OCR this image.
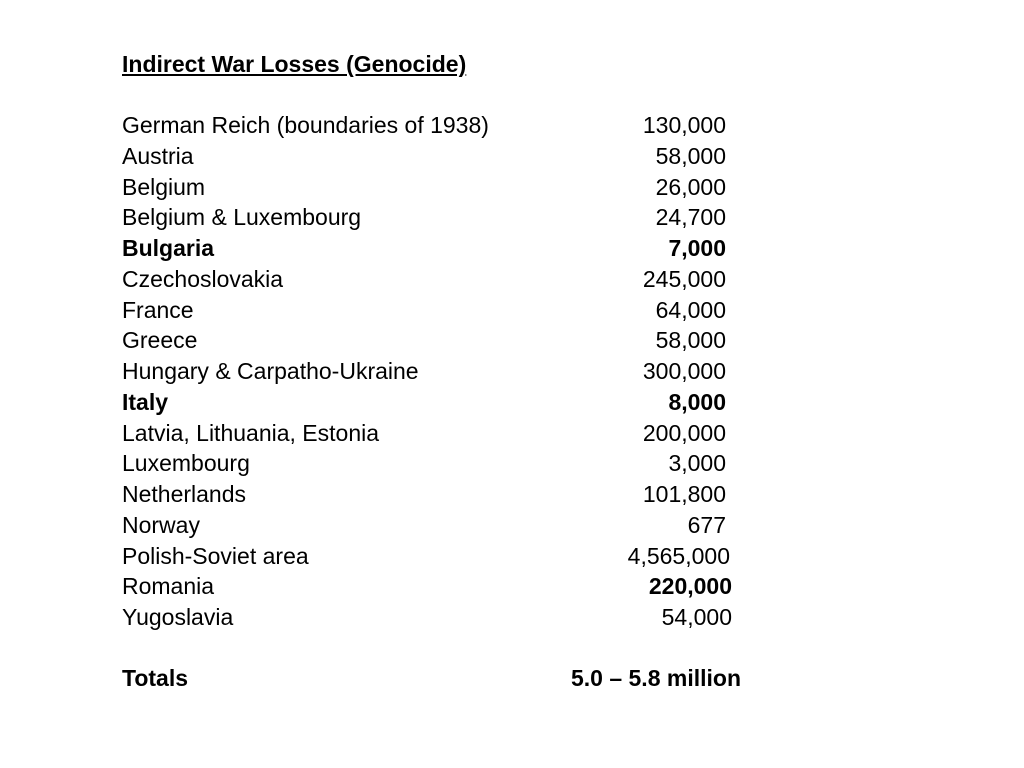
Indirect War Losses (Genocide)
German Reich (boundaries of 1938)	130,000
Austria	58,000
Belgium	26,000
Belgium & Luxembourg	24,700
Bulgaria	7,000
Czechoslovakia	245,000
France	64,000
Greece	58,000
Hungary & Carpatho-Ukraine	300,000
Italy	8,000
Latvia, Lithuania, Estonia	200,000
Luxembourg	3,000
Netherlands	101,800
Norway	677
Polish-Soviet area	4,565,000
Romania	220,000
Yugoslavia	54,000
Totals	5.0 – 5.8 million
